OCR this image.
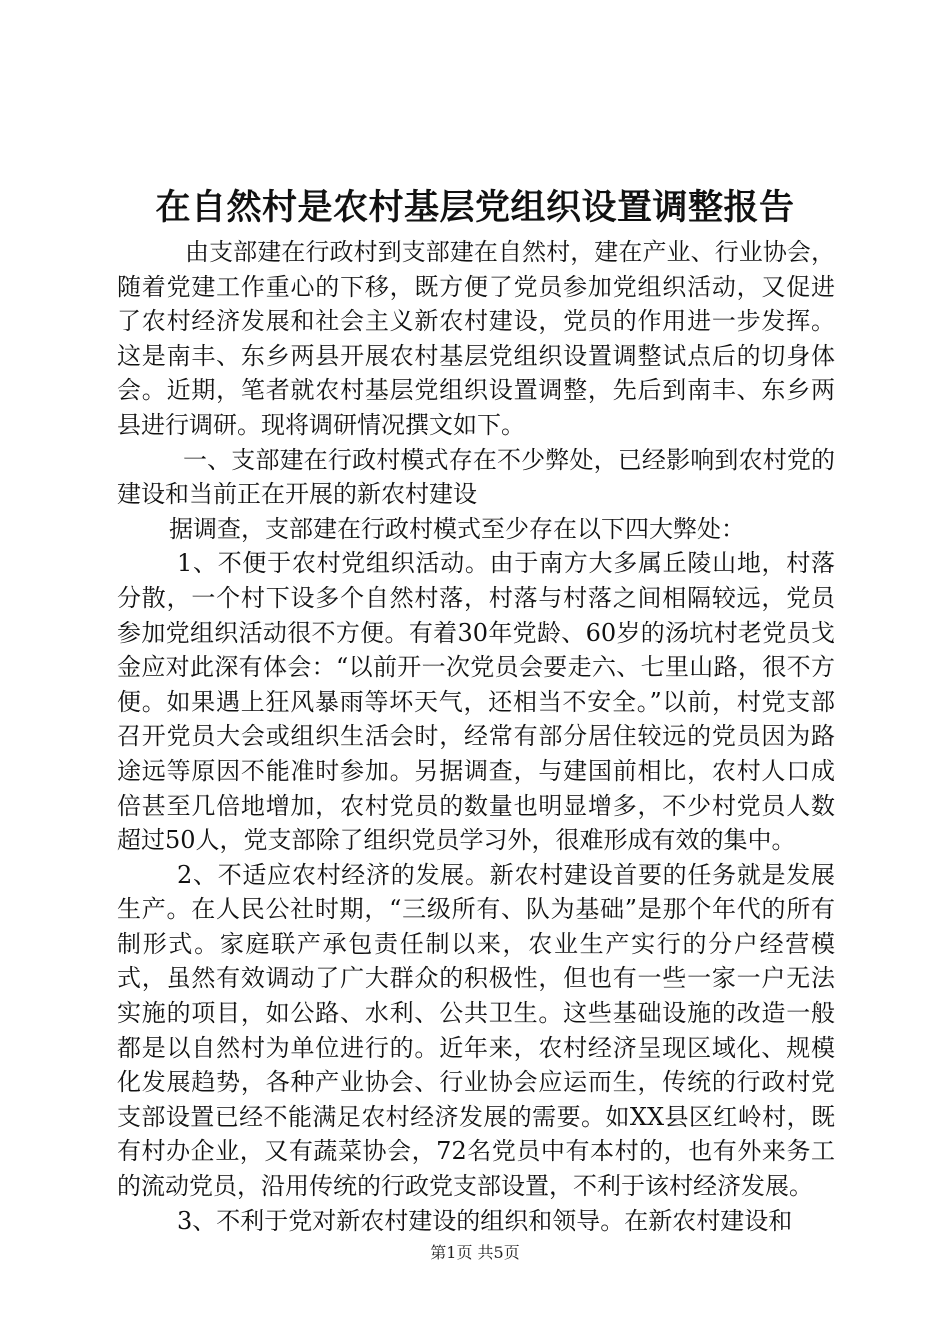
在自然村是农村基层党组织设置调整报告

由支部建在行政村到支部建在自然村，建在产业、行业协会，随着党建工作重心的下移，既方便了党员参加党组织活动，又促进了农村经济发展和社会主义新农村建设，党员的作用进一步发挥。这是南丰、东乡两县开展农村基层党组织设置调整试点后的切身体会。近期，笔者就农村基层党组织设置调整，先后到南丰、东乡两县进行调研。现将调研情况撰文如下。

一、支部建在行政村模式存在不少弊处，已经影响到农村党的建设和当前正在开展的新农村建设

据调查，支部建在行政村模式至少存在以下四大弊处：

1、不便于农村党组织活动。由于南方大多属丘陵山地，村落分散，一个村下设多个自然村落，村落与村落之间相隔较远，党员参加党组织活动很不方便。有着30年党龄、60岁的汤坑村老党员戈金应对此深有体会：“以前开一次党员会要走六、七里山路，很不方便。如果遇上狂风暴雨等坏天气，还相当不安全。”以前，村党支部召开党员大会或组织生活会时，经常有部分居住较远的党员因为路途远等原因不能准时参加。另据调查，与建国前相比，农村人口成倍甚至几倍地增加，农村党员的数量也明显增多，不少村党员人数超过50人，党支部除了组织党员学习外，很难形成有效的集中。

2、不适应农村经济的发展。新农村建设首要的任务就是发展生产。在人民公社时期，“三级所有、队为基础”是那个年代的所有制形式。家庭联产承包责任制以来，农业生产实行的分户经营模式，虽然有效调动了广大群众的积极性，但也有一些一家一户无法实施的项目，如公路、水利、公共卫生。这些基础设施的改造一般都是以自然村为单位进行的。近年来，农村经济呈现区域化、规模化发展趋势，各种产业协会、行业协会应运而生，传统的行政村党支部设置已经不能满足农村经济发展的需要。如XX县区红岭村，既有村办企业，又有蔬菜协会，72名党员中有本村的，也有外来务工的流动党员，沿用传统的行政党支部设置，不利于该村经济发展。

3、不利于党对新农村建设的组织和领导。在新农村建设和

第1页 共5页
